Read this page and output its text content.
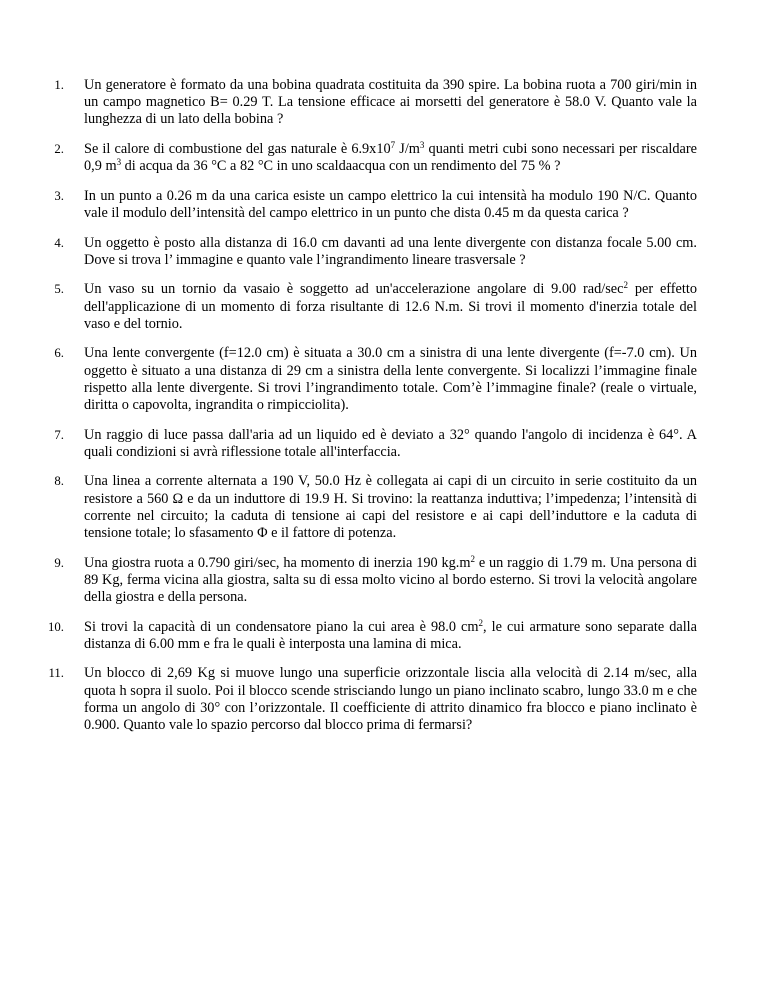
1. Un generatore è formato da una bobina quadrata costituita da 390 spire. La bobina ruota a 700 giri/min in un campo magnetico B= 0.29 T. La tensione efficace ai morsetti del generatore è 58.0 V. Quanto vale la lunghezza di un lato della bobina ?
2. Se il calore di combustione del gas naturale è $6.9x10^7$ $J/m^3$ quanti metri cubi sono necessari per riscaldare 0,9 $m^3$ di acqua da 36 °C a 82 °C in uno scaldaacqua con un rendimento del 75 % ?
3. In un punto a 0.26 m da una carica esiste un campo elettrico la cui intensità ha modulo 190 N/C. Quanto vale il modulo dell’intensità del campo elettrico in un punto che dista 0.45 m da questa carica ?
4. Un oggetto è posto alla distanza di 16.0 cm davanti ad una lente divergente con distanza focale 5.00 cm. Dove si trova l’ immagine e quanto vale l’ingrandimento lineare trasversale ?
5. Un vaso su un tornio da vasaio è soggetto ad un'accelerazione angolare di 9.00 rad/$\sec^2$ per effetto dell'applicazione di un momento di forza risultante di 12.6 N.m. Si trovi il momento d'inerzia totale del vaso e del tornio.
6. Una lente convergente (f=12.0 cm) è situata a 30.0 cm a sinistra di una lente divergente (f=-7.0 cm). Un oggetto è situato a una distanza di 29 cm a sinistra della lente convergente. Si localizzi l’immagine finale rispetto alla lente divergente. Si trovi l’ingrandimento totale. Com’è l’immagine finale? (reale o virtuale, diritta o capovolta, ingrandita o rimpicciolita).
7. Un raggio di luce passa dall'aria ad un liquido ed è deviato a 32° quando l'angolo di incidenza è 64°. A quali condizioni si avrà riflessione totale all'interfaccia.
8. Una linea a corrente alternata a 190 V, 50.0 Hz è collegata ai capi di un circuito in serie costituito da un resistore a 560 Ω e da un induttore di 19.9 H. Si trovino: la reattanza induttiva; l’impedenza; l’intensità di corrente nel circuito; la caduta di tensione ai capi del resistore e ai capi dell’induttore e la caduta di tensione totale; lo sfasamento Φ e il fattore di potenza.
9. Una giostra ruota a 0.790 giri/sec, ha momento di inerzia 190 $kg.m^2$ e un raggio di 1.79 m. Una persona di 89 Kg, ferma vicina alla giostra, salta su di essa molto vicino al bordo esterno. Si trovi la velocità angolare della giostra e della persona.
10. Si trovi la capacità di un condensatore piano la cui area è 98.0 $cm^2$, le cui armature sono separate dalla distanza di 6.00 mm e fra le quali è interposta una lamina di mica.
11. Un blocco di 2,69 Kg si muove lungo una superficie orizzontale liscia alla velocità di 2.14 m/sec, alla quota h sopra il suolo. Poi il blocco scende strisciando lungo un piano inclinato scabro, lungo 33.0 m e che forma un angolo di 30° con l’orizzontale. Il coefficiente di attrito dinamico fra blocco e piano inclinato è 0.900. Quanto vale lo spazio percorso dal blocco prima di fermarsi?
